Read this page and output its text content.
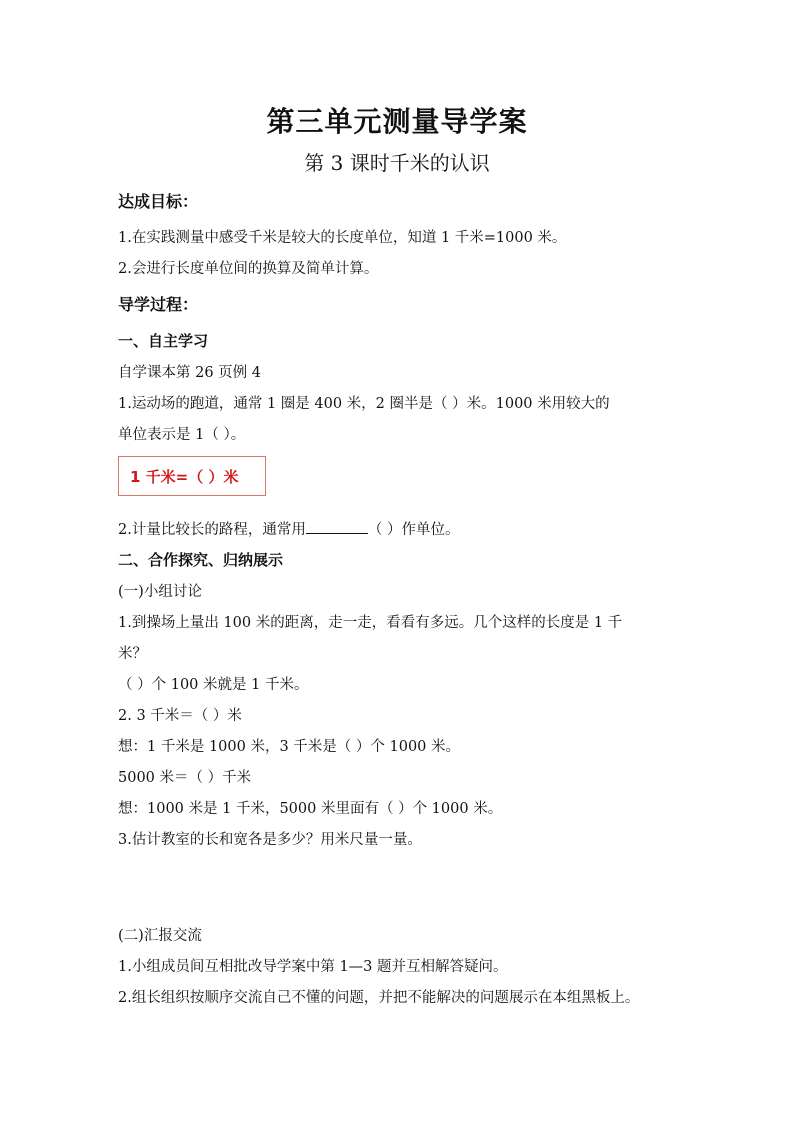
第三单元测量导学案
第 3 课时千米的认识
达成目标：
1.在实践测量中感受千米是较大的长度单位，知道 1 千米=1000 米。
2.会进行长度单位间的换算及简单计算。
导学过程：
一、自主学习
自学课本第 26 页例 4
1.运动场的跑道，通常 1 圈是 400 米，2 圈半是（ ）米。1000 米用较大的
单位表示是 1（ ）。
1 千米=（ ）米
2.计量比较长的路程，通常用	（ ）作单位。
二、合作探究、归纳展示
(一)小组讨论
1.到操场上量出 100 米的距离，走一走，看看有多远。几个这样的长度是 1 千
米？
（ ）个 100 米就是 1 千米。
2. 3 千米＝（ ）米
想：1 千米是 1000 米，3 千米是（ ）个 1000 米。
5000 米＝（ ）千米
想：1000 米是 1 千米，5000 米里面有（ ）个 1000 米。
3.估计教室的长和宽各是多少？用米尺量一量。
(二)汇报交流
1.小组成员间互相批改导学案中第 1—3 题并互相解答疑问。
2.组长组织按顺序交流自己不懂的问题，并把不能解决的问题展示在本组黑板上。
